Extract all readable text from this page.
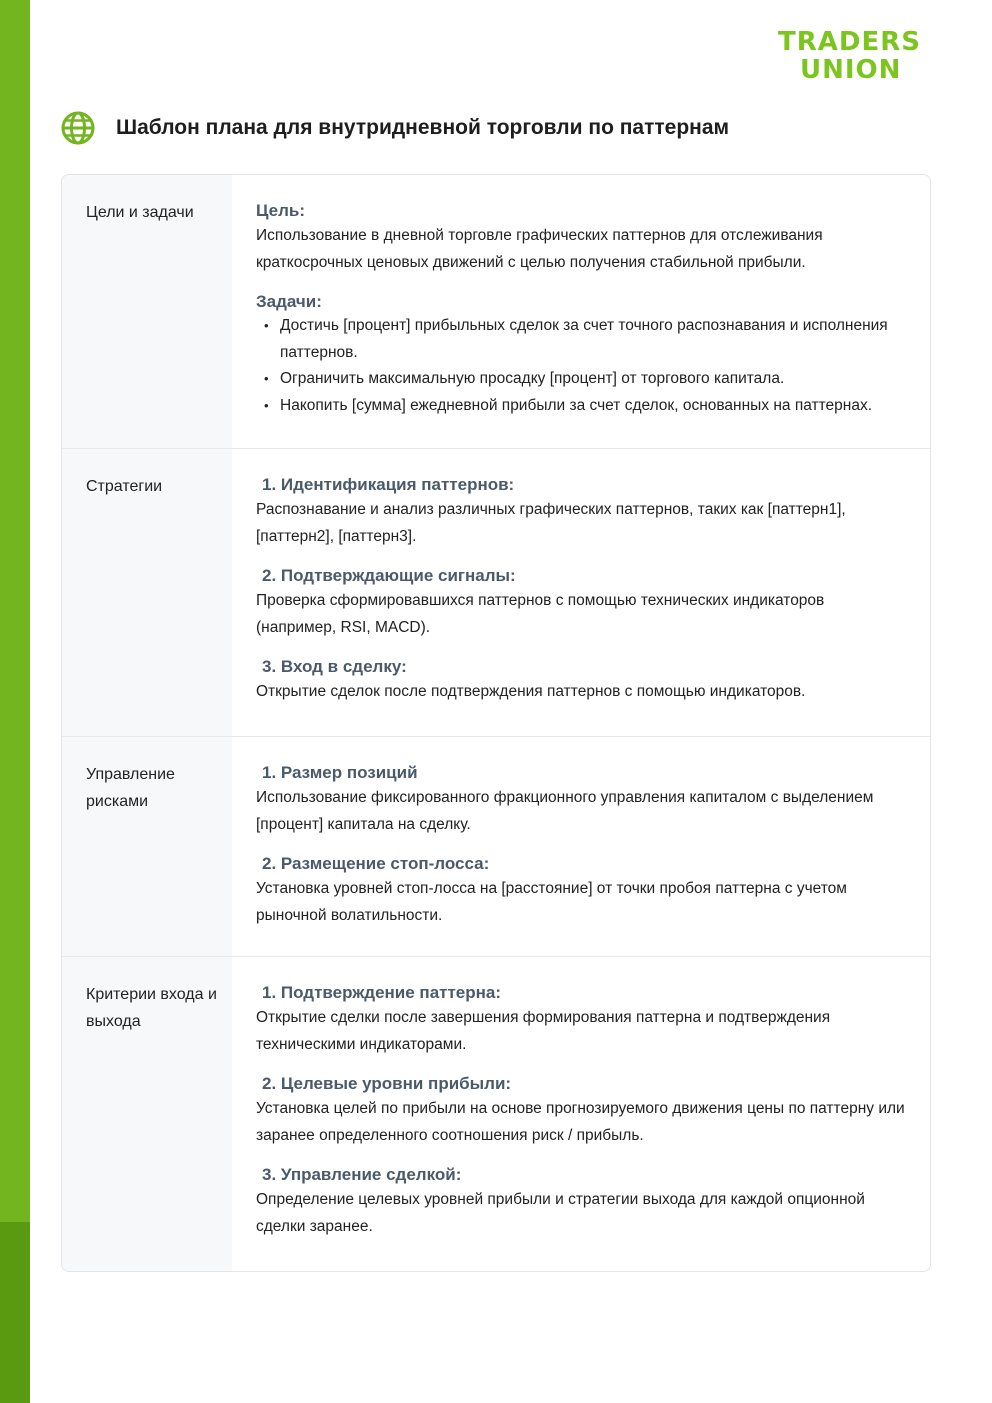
TRADERS
UNION
Шаблон плана для внутридневной торговли по паттернам
Цели и задачи	Цель:
Использование в дневной торговле графических паттернов для отслеживания
краткосрочных ценовых движений с целью получения стабильной прибыли.
Задачи:
• Достичь [процент] прибыльных сделок за счет точного распознавания и исполнения паттернов.
• Ограничить максимальную просадку [процент] от торгового капитала.
• Накопить [сумма] ежедневной прибыли за счет сделок, основанных на паттернах.
Стратегии	1. Идентификация паттернов:
Распознавание и анализ различных графических паттернов, таких как [паттерн1], [паттерн2], [паттерн3].
2. Подтверждающие сигналы:
Проверка сформировавшихся паттернов с помощью технических индикаторов (например, RSI, MACD).
3. Вход в сделку:
Открытие сделок после подтверждения паттернов с помощью индикаторов.
Управление рисками
1. Размер позиций
Использование фиксированного фракционного управления капиталом с выделением [процент] капитала на сделку.
2. Размещение стоп-лосса:
Установка уровней стоп-лосса на [расстояние] от точки пробоя паттерна с учетом рыночной волатильности.
Критерии входа и выхода
1. Подтверждение паттерна:
Открытие сделки после завершения формирования паттерна и подтверждения техническими индикаторами.
2. Целевые уровни прибыли:
Установка целей по прибыли на основе прогнозируемого движения цены по паттерну или заранее определенного соотношения риск / прибыль.
3. Управление сделкой:
Определение целевых уровней прибыли и стратегии выхода для каждой опционной сделки заранее.
